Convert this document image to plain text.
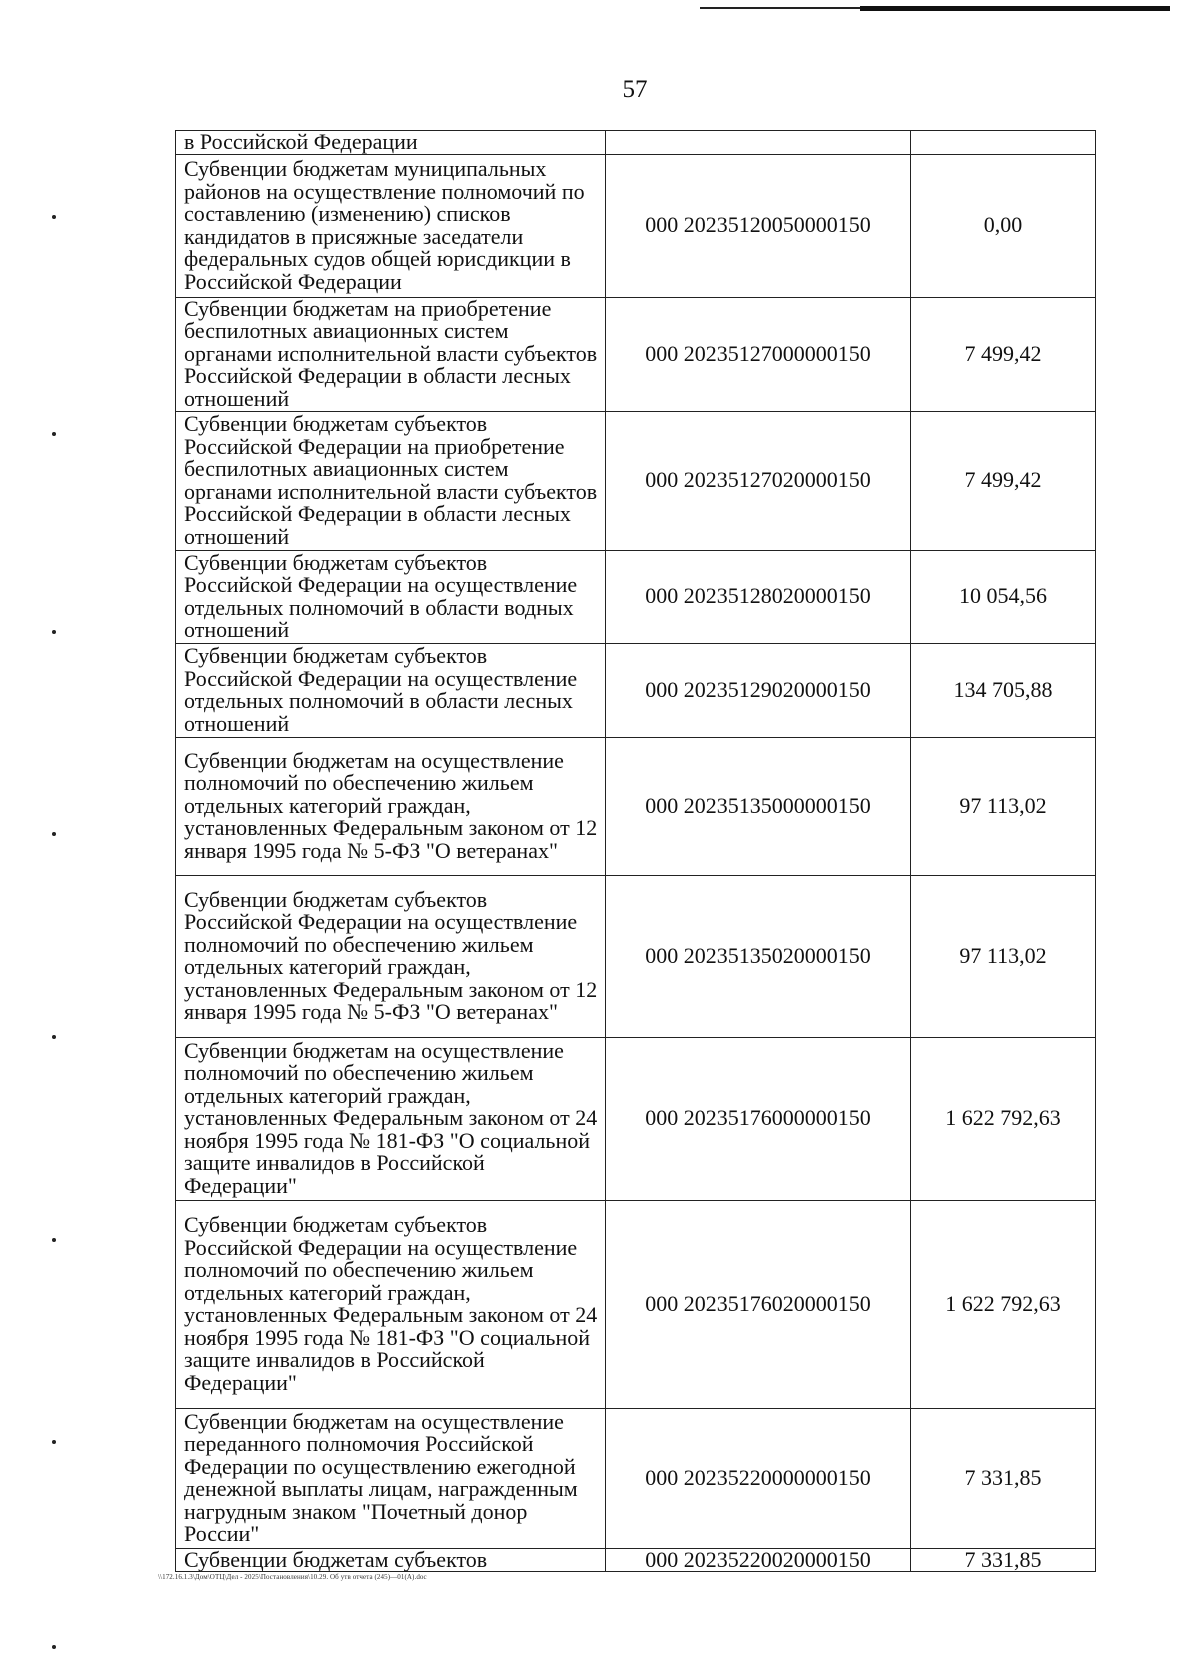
57
в Российской Федерации		
Субвенции бюджетам муниципальных районов на осуществление полномочий по составлению (изменению) списков кандидатов в присяжные заседатели федеральных судов общей юрисдикции в Российской Федерации	000 20235120050000150	0,00
Субвенции бюджетам на приобретение беспилотных авиационных систем органами исполнительной власти субъектов Российской Федерации в области лесных отношений	000 20235127000000150	7 499,42
Субвенции бюджетам субъектов Российской Федерации на приобретение беспилотных авиационных систем органами исполнительной власти субъектов Российской Федерации в области лесных отношений	000 20235127020000150	7 499,42
Субвенции бюджетам субъектов Российской Федерации на осуществление отдельных полномочий в области водных отношений	000 20235128020000150	10 054,56
Субвенции бюджетам субъектов Российской Федерации на осуществление отдельных полномочий в области лесных отношений	000 20235129020000150	134 705,88
Субвенции бюджетам на осуществление полномочий по обеспечению жильем отдельных категорий граждан, установленных Федеральным законом от 12 января 1995 года № 5-ФЗ "О ветеранах"	000 20235135000000150	97 113,02
Субвенции бюджетам субъектов Российской Федерации на осуществление полномочий по обеспечению жильем отдельных категорий граждан, установленных Федеральным законом от 12 января 1995 года № 5-ФЗ "О ветеранах"	000 20235135020000150	97 113,02
Субвенции бюджетам на осуществление полномочий по обеспечению жильем отдельных категорий граждан, установленных Федеральным законом от 24 ноября 1995 года № 181-ФЗ "О социальной защите инвалидов в Российской Федерации"	000 20235176000000150	1 622 792,63
Субвенции бюджетам субъектов Российской Федерации на осуществление полномочий по обеспечению жильем отдельных категорий граждан, установленных Федеральным законом от 24 ноября 1995 года № 181-ФЗ "О социальной защите инвалидов в Российской Федерации"	000 20235176020000150	1 622 792,63
Субвенции бюджетам на осуществление переданного полномочия Российской Федерации по осуществлению ежегодной денежной выплаты лицам, награжденным нагрудным знаком "Почетный донор России"	000 20235220000000150	7 331,85
Субвенции бюджетам субъектов	000 20235220020000150	7 331,85
\\172.16.1.3\Дом\ОТЦ\Дел - 2025\Постановления\10.29. Об утв отчета (245)—01(А).doc
